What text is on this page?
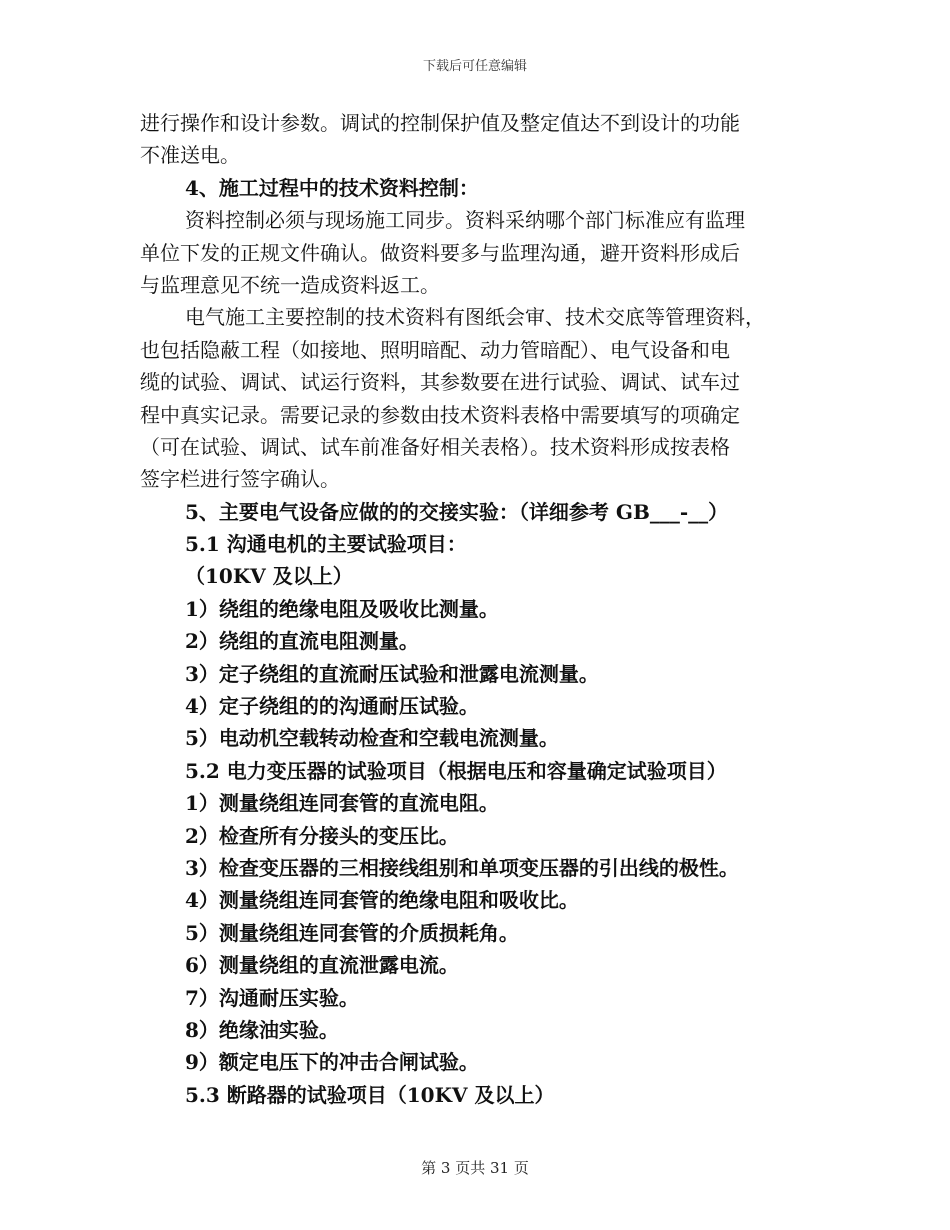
下载后可任意编辑
进行操作和设计参数。调试的控制保护值及整定值达不到设计的功能
不准送电。
4、施工过程中的技术资料控制：
资料控制必须与现场施工同步。资料采纳哪个部门标准应有监理
单位下发的正规文件确认。做资料要多与监理沟通，避开资料形成后
与监理意见不统一造成资料返工。
电气施工主要控制的技术资料有图纸会审、技术交底等管理资料，
也包括隐蔽工程（如接地、照明暗配、动力管暗配）、电气设备和电
缆的试验、调试、试运行资料，其参数要在进行试验、调试、试车过
程中真实记录。需要记录的参数由技术资料表格中需要填写的项确定
（可在试验、调试、试车前准备好相关表格）。技术资料形成按表格
签字栏进行签字确认。
5、主要电气设备应做的的交接实验：（详细参考 GB___-__）
5.1 沟通电机的主要试验项目：
（10KV 及以上）
1）绕组的绝缘电阻及吸收比测量。
2）绕组的直流电阻测量。
3）定子绕组的直流耐压试验和泄露电流测量。
4）定子绕组的的沟通耐压试验。
5）电动机空载转动检查和空载电流测量。
5.2 电力变压器的试验项目（根据电压和容量确定试验项目）
1）测量绕组连同套管的直流电阻。
2）检查所有分接头的变压比。
3）检查变压器的三相接线组别和单项变压器的引出线的极性。
4）测量绕组连同套管的绝缘电阻和吸收比。
5）测量绕组连同套管的介质损耗角。
6）测量绕组的直流泄露电流。
7）沟通耐压实验。
8）绝缘油实验。
9）额定电压下的冲击合闸试验。
5.3 断路器的试验项目（10KV 及以上）
第 3 页共 31 页
